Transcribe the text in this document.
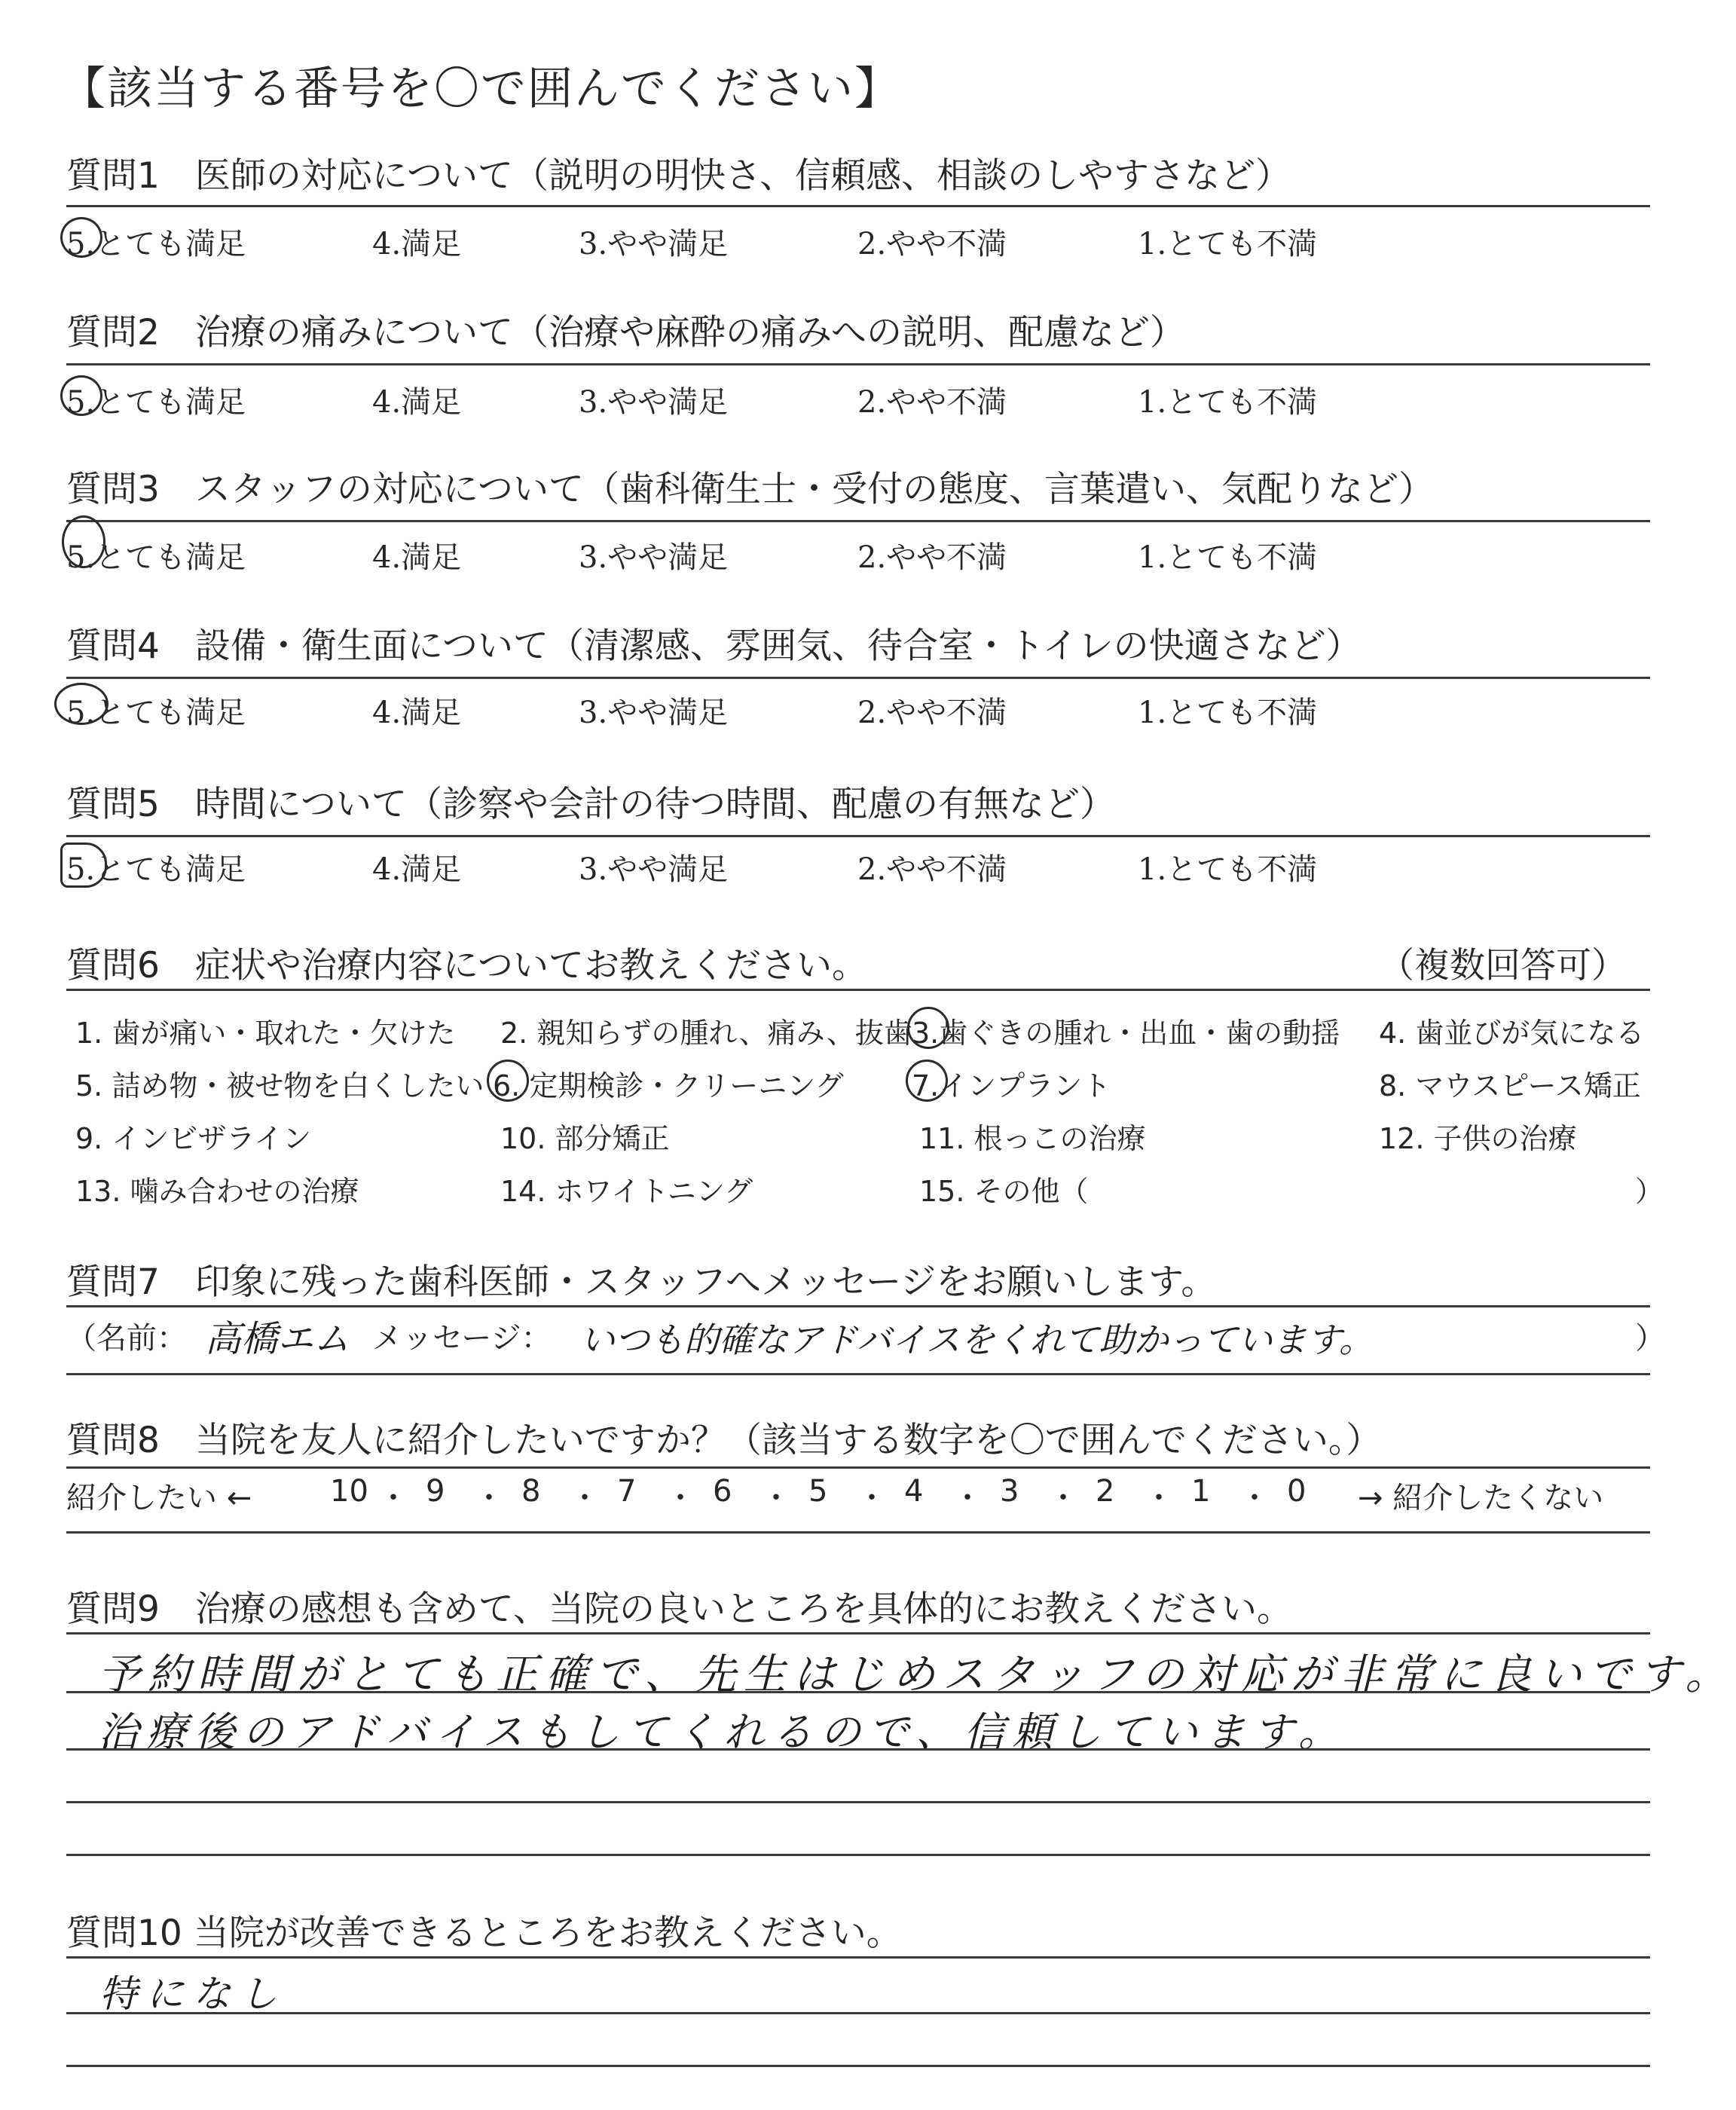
【該当する番号を〇で囲んでください】
質問1　医師の対応について（説明の明快さ、信頼感、相談のしやすさなど）
5.とても満足	4.満足	3.やや満足	2.やや不満	1.とても不満
質問2　治療の痛みについて（治療や麻酔の痛みへの説明、配慮など）
5.とても満足	4.満足	3.やや満足	2.やや不満	1.とても不満
質問3　スタッフの対応について（歯科衛生士・受付の態度、言葉遣い、気配りなど）
5.とても満足	4.満足	3.やや満足	2.やや不満	1.とても不満
質問4　設備・衛生面について（清潔感、雰囲気、待合室・トイレの快適さなど）
5.とても満足	4.満足	3.やや満足	2.やや不満	1.とても不満
質問5　時間について（診察や会計の待つ時間、配慮の有無など）
5.とても満足	4.満足	3.やや満足	2.やや不満	1.とても不満
質問6　症状や治療内容についてお教えください。	（複数回答可）
1. 歯が痛い・取れた・欠けた 2. 親知らずの腫れ、痛み、抜歯 3.歯ぐきの腫れ・出血・歯の動揺 4. 歯並びが気になる
5. 詰め物・被せ物を白くしたい 6. 定期検診・クリーニング 7.インプラント	8. マウスピース矯正
9. インビザライン	10. 部分矯正	11. 根っこの治療	12. 子供の治療
13. 噛み合わせの治療	14. ホワイトニング	15. その他（	）
質問7　印象に残った歯科医師・スタッフへメッセージをお願いします。
（名前： 高橋エム メッセージ： いつも的確なアドバイスをくれて助かっています。	）
質問8　当院を友人に紹介したいですか？（該当する数字を〇で囲んでください。）
紹介したい ←	10 ・ 9 ・ 8 ・ 7 ・ 6 ・ 5 ・ 4 ・ 3 ・ 2 ・ 1 ・ 0 → 紹介したくない
質問9　治療の感想も含めて、当院の良いところを具体的にお教えください。
予約時間がとても正確で、先生はじめスタッフの対応が非常に良いです。
治療後のアドバイスもしてくれるので、信頼しています。
質問10 当院が改善できるところをお教えください。
特になし
